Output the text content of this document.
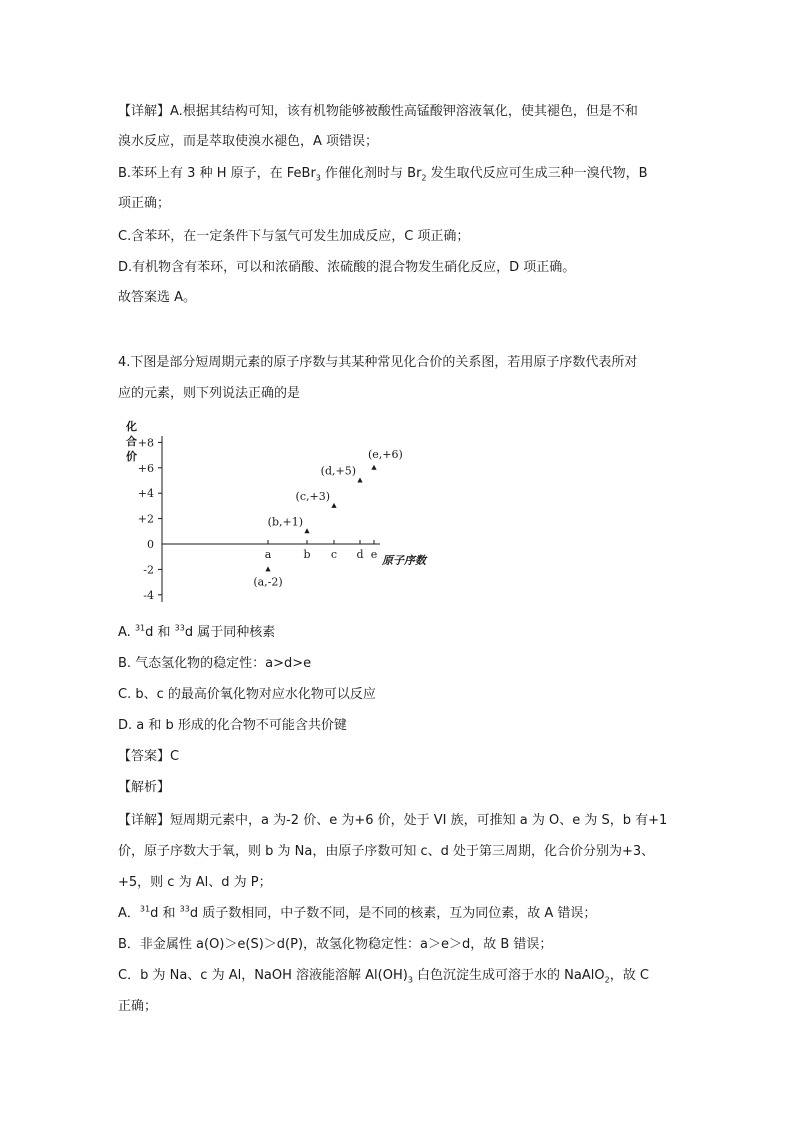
【详解】A.根据其结构可知，该有机物能够被酸性高锰酸钾溶液氧化，使其褪色，但是不和
溴水反应，而是萃取使溴水褪色，A 项错误；
B.苯环上有 3 种 H 原子，在 FeBr$_3$ 作催化剂时与 $Br_2$ 发生取代反应可生成三种一溴代物，B
项正确；
C.含苯环，在一定条件下与氢气可发生加成反应，C 项正确；
D.有机物含有苯环，可以和浓硝酸、浓硫酸的混合物发生硝化反应，D 项正确。
故答案选 A。
4.下图是部分短周期元素的原子序数与其某种常见化合价的关系图，若用原子序数代表所对
应的元素，则下列说法正确的是
化
合
价
+8
+6
+4
+2
0
-2
-4
a	b c d e 原子序数
(a,-2)
(b,+1)
(c,+3)
(d,+5)
(e,+6)
A. $^{31}$d 和 $^{33}$d 属于同种核素
B. 气态氢化物的稳定性：a>d>e
C. b、c 的最高价氧化物对应水化物可以反应
D. a 和 b 形成的化合物不可能含共价键
【答案】C
【解析】
【详解】短周期元素中，a 为-2 价、e 为+6 价，处于 VI 族，可推知 a 为 O、e 为 S，b 有+1
价，原子序数大于氧，则 b 为 Na，由原子序数可知 c、d 处于第三周期，化合价分别为+3、
+5，则 c 为 Al、d 为 P；
A．$^{31}$d 和 $^{33}$d 质子数相同，中子数不同，是不同的核素，互为同位素，故 A 错误；
B．非金属性 a(O)＞e(S)＞d(P)，故氢化物稳定性：a＞e＞d，故 B 错误；
C．b 为 Na、c 为 Al，NaOH 溶液能溶解 $Al(OH)_3$ 白色沉淀生成可溶于水的 NaAlO$_2$，故 C
正确；
